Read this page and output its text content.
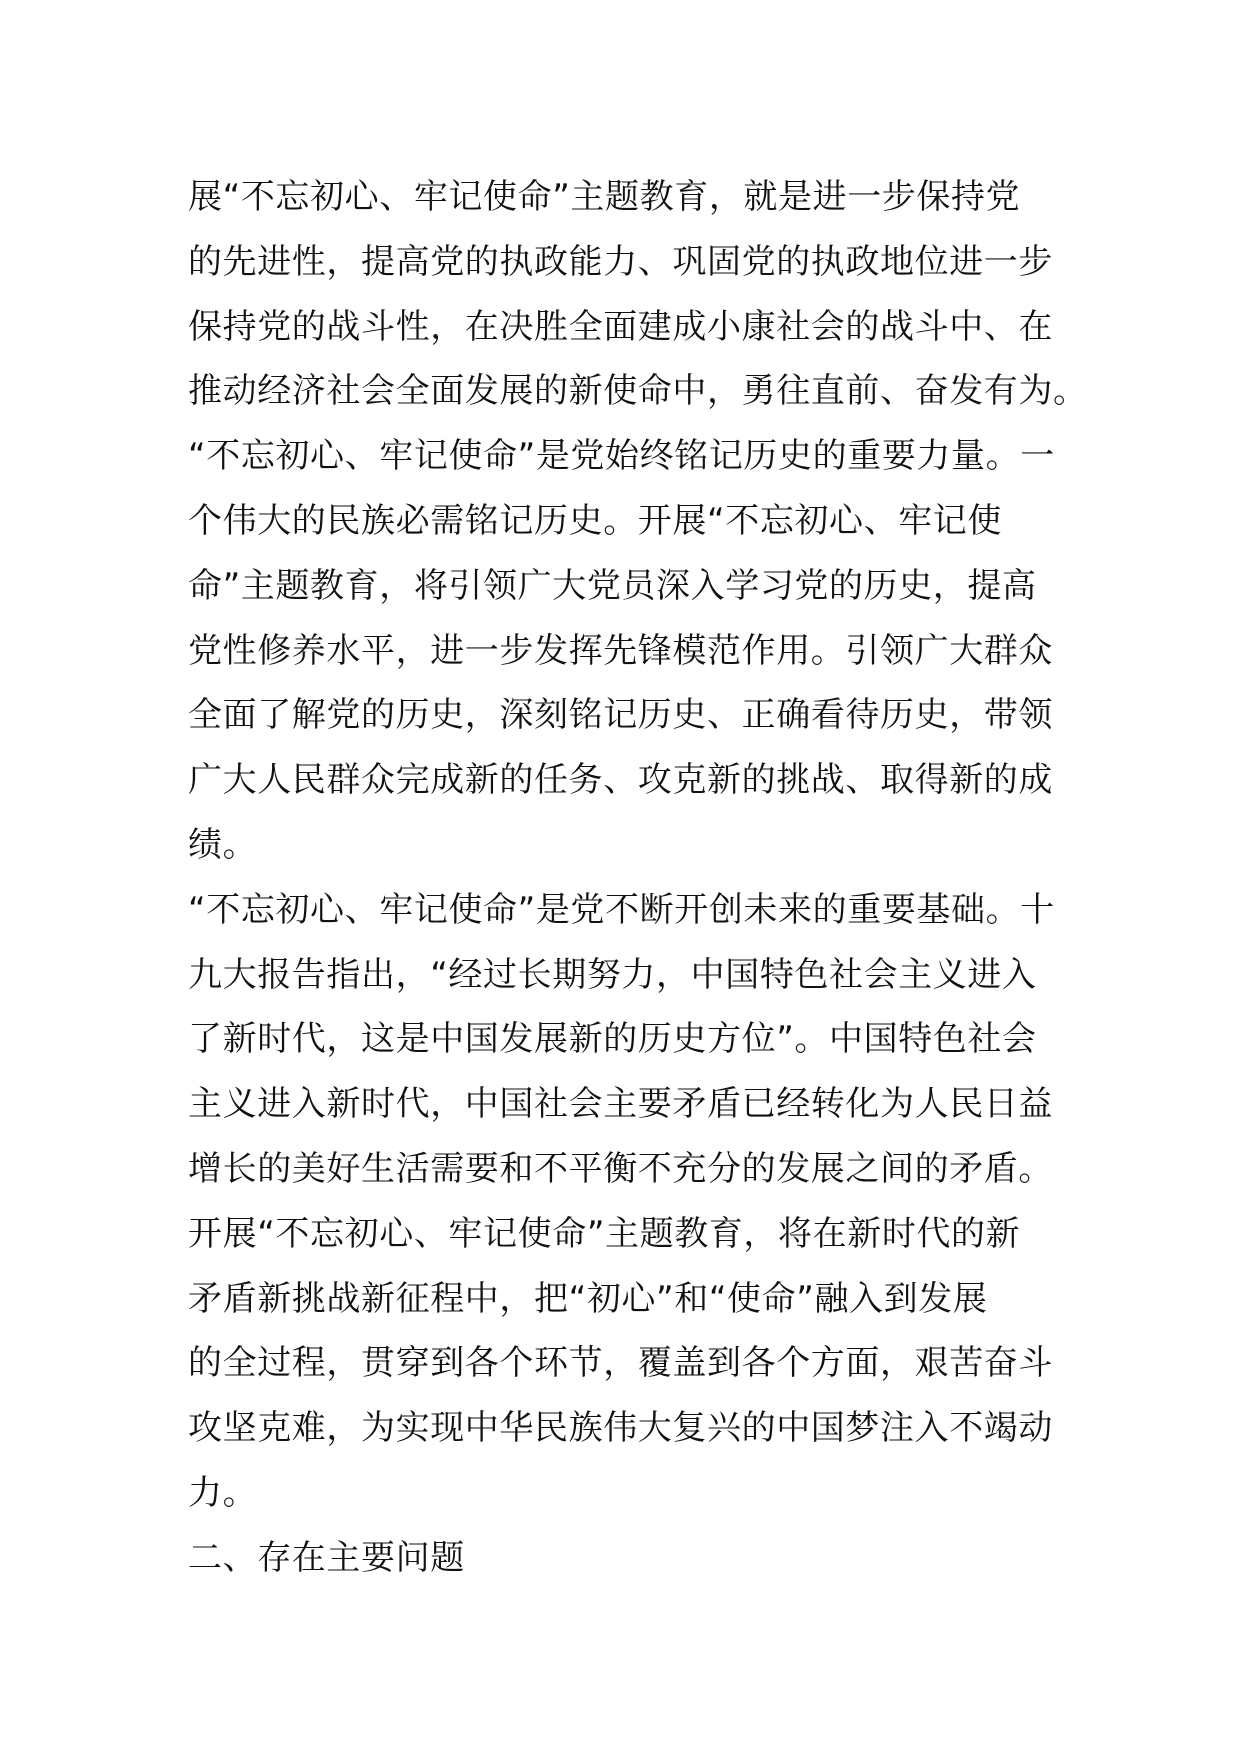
展“不忘初心、牢记使命”主题教育，就是进一步保持党
的先进性，提高党的执政能力、巩固党的执政地位进一步
保持党的战斗性，在决胜全面建成小康社会的战斗中、在
推动经济社会全面发展的新使命中，勇往直前、奋发有为。
“不忘初心、牢记使命”是党始终铭记历史的重要力量。一
个伟大的民族必需铭记历史。开展“不忘初心、牢记使
命”主题教育，将引领广大党员深入学习党的历史，提高
党性修养水平，进一步发挥先锋模范作用。引领广大群众
全面了解党的历史，深刻铭记历史、正确看待历史，带领
广大人民群众完成新的任务、攻克新的挑战、取得新的成
绩。
“不忘初心、牢记使命”是党不断开创未来的重要基础。十
九大报告指出，“经过长期努力，中国特色社会主义进入
了新时代，这是中国发展新的历史方位”。中国特色社会
主义进入新时代，中国社会主要矛盾已经转化为人民日益
增长的美好生活需要和不平衡不充分的发展之间的矛盾。
开展“不忘初心、牢记使命”主题教育，将在新时代的新
矛盾新挑战新征程中，把“初心”和“使命”融入到发展
的全过程，贯穿到各个环节，覆盖到各个方面，艰苦奋斗
攻坚克难，为实现中华民族伟大复兴的中国梦注入不竭动
力。
二、存在主要问题
